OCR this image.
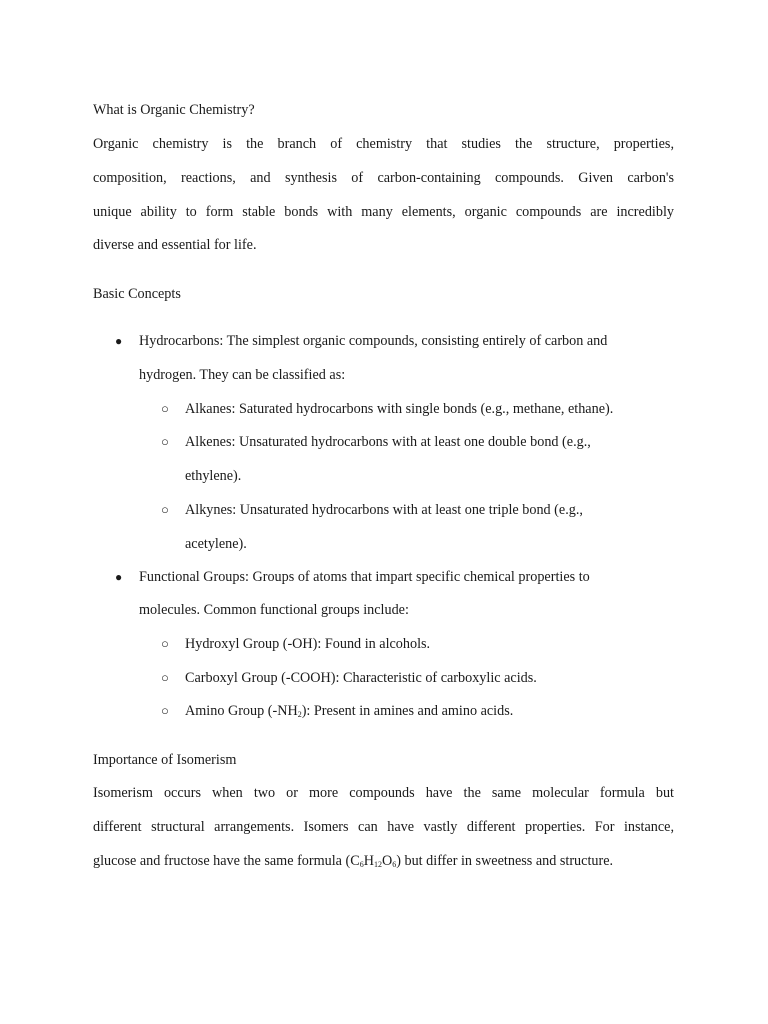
What is Organic Chemistry?
Organic chemistry is the branch of chemistry that studies the structure, properties,
composition, reactions, and synthesis of carbon-containing compounds. Given carbon's
unique ability to form stable bonds with many elements, organic compounds are incredibly
diverse and essential for life.
Basic Concepts
● Hydrocarbons: The simplest organic compounds, consisting entirely of carbon and
hydrogen. They can be classified as:
○ Alkanes: Saturated hydrocarbons with single bonds (e.g., methane, ethane).
○ Alkenes: Unsaturated hydrocarbons with at least one double bond (e.g.,
ethylene).
○ Alkynes: Unsaturated hydrocarbons with at least one triple bond (e.g.,
acetylene).
● Functional Groups: Groups of atoms that impart specific chemical properties to
molecules. Common functional groups include:
○ Hydroxyl Group (-OH): Found in alcohols.
○ Carboxyl Group (-COOH): Characteristic of carboxylic acids.
○ Amino Group $(-NH_2)$: Present in amines and amino acids.
Importance of Isomerism
Isomerism occurs when two or more compounds have the same molecular formula but
different structural arrangements. Isomers can have vastly different properties. For instance,
glucose and fructose have the same formula $(C_6H_{12}O_6)$ but differ in sweetness and structure.
